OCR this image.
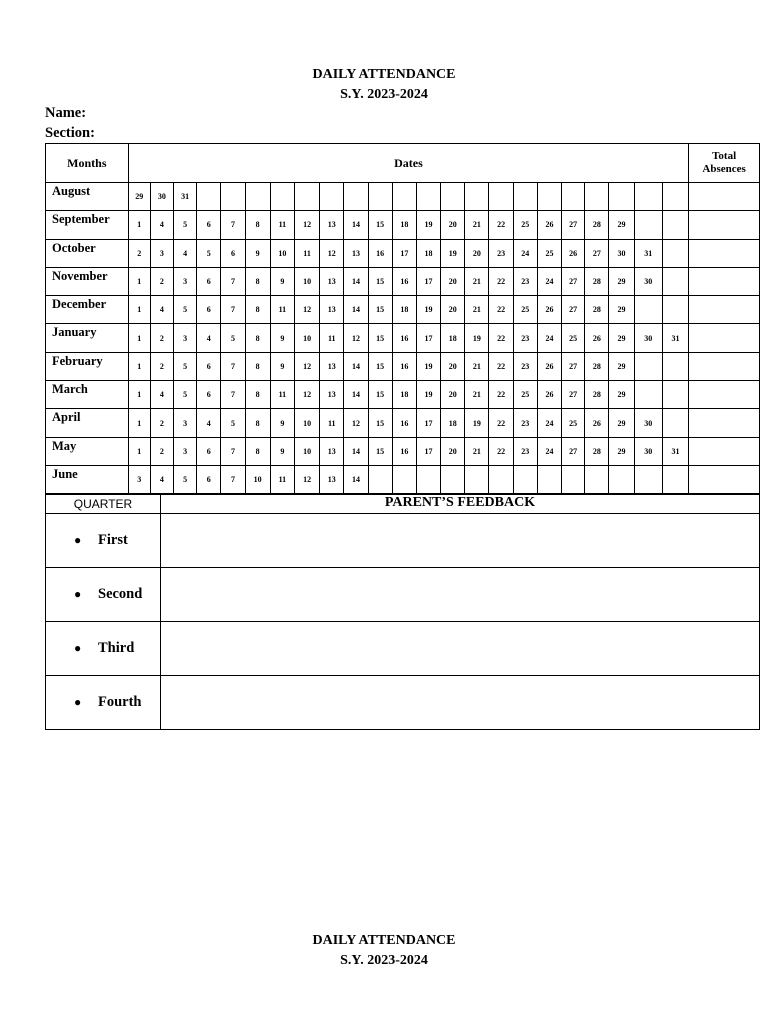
DAILY ATTENDANCE
S.Y. 2023-2024
Name:
Section:
Months	Dates																							Total
Absences
August	29	30	31																					
September	1	4	5	6	7	8	11	12	13	14	15	18	19	20	21	22	25	26	27	28	29			
October	2	3	4	5	6	9	10	11	12	13	16	17	18	19	20	23	24	25	26	27	30	31		
November	1	2	3	6	7	8	9	10	13	14	15	16	17	20	21	22	23	24	27	28	29	30		
December	1	4	5	6	7	8	11	12	13	14	15	18	19	20	21	22	25	26	27	28	29			
January	1	2	3	4	5	8	9	10	11	12	15	16	17	18	19	22	23	24	25	26	29	30	31	
February	1	2	5	6	7	8	9	12	13	14	15	16	19	20	21	22	23	26	27	28	29			
March	1	4	5	6	7	8	11	12	13	14	15	18	19	20	21	22	25	26	27	28	29			
April	1	2	3	4	5	8	9	10	11	12	15	16	17	18	19	22	23	24	25	26	29	30		
May	1	2	3	6	7	8	9	10	13	14	15	16	17	20	21	22	23	24	27	28	29	30	31	
June	3	4	5	6	7	10	11	12	13	14														
QUARTER	PARENT’S FEEDBACK
● First	
● Second	
● Third	
● Fourth	
DAILY ATTENDANCE
S.Y. 2023-2024
